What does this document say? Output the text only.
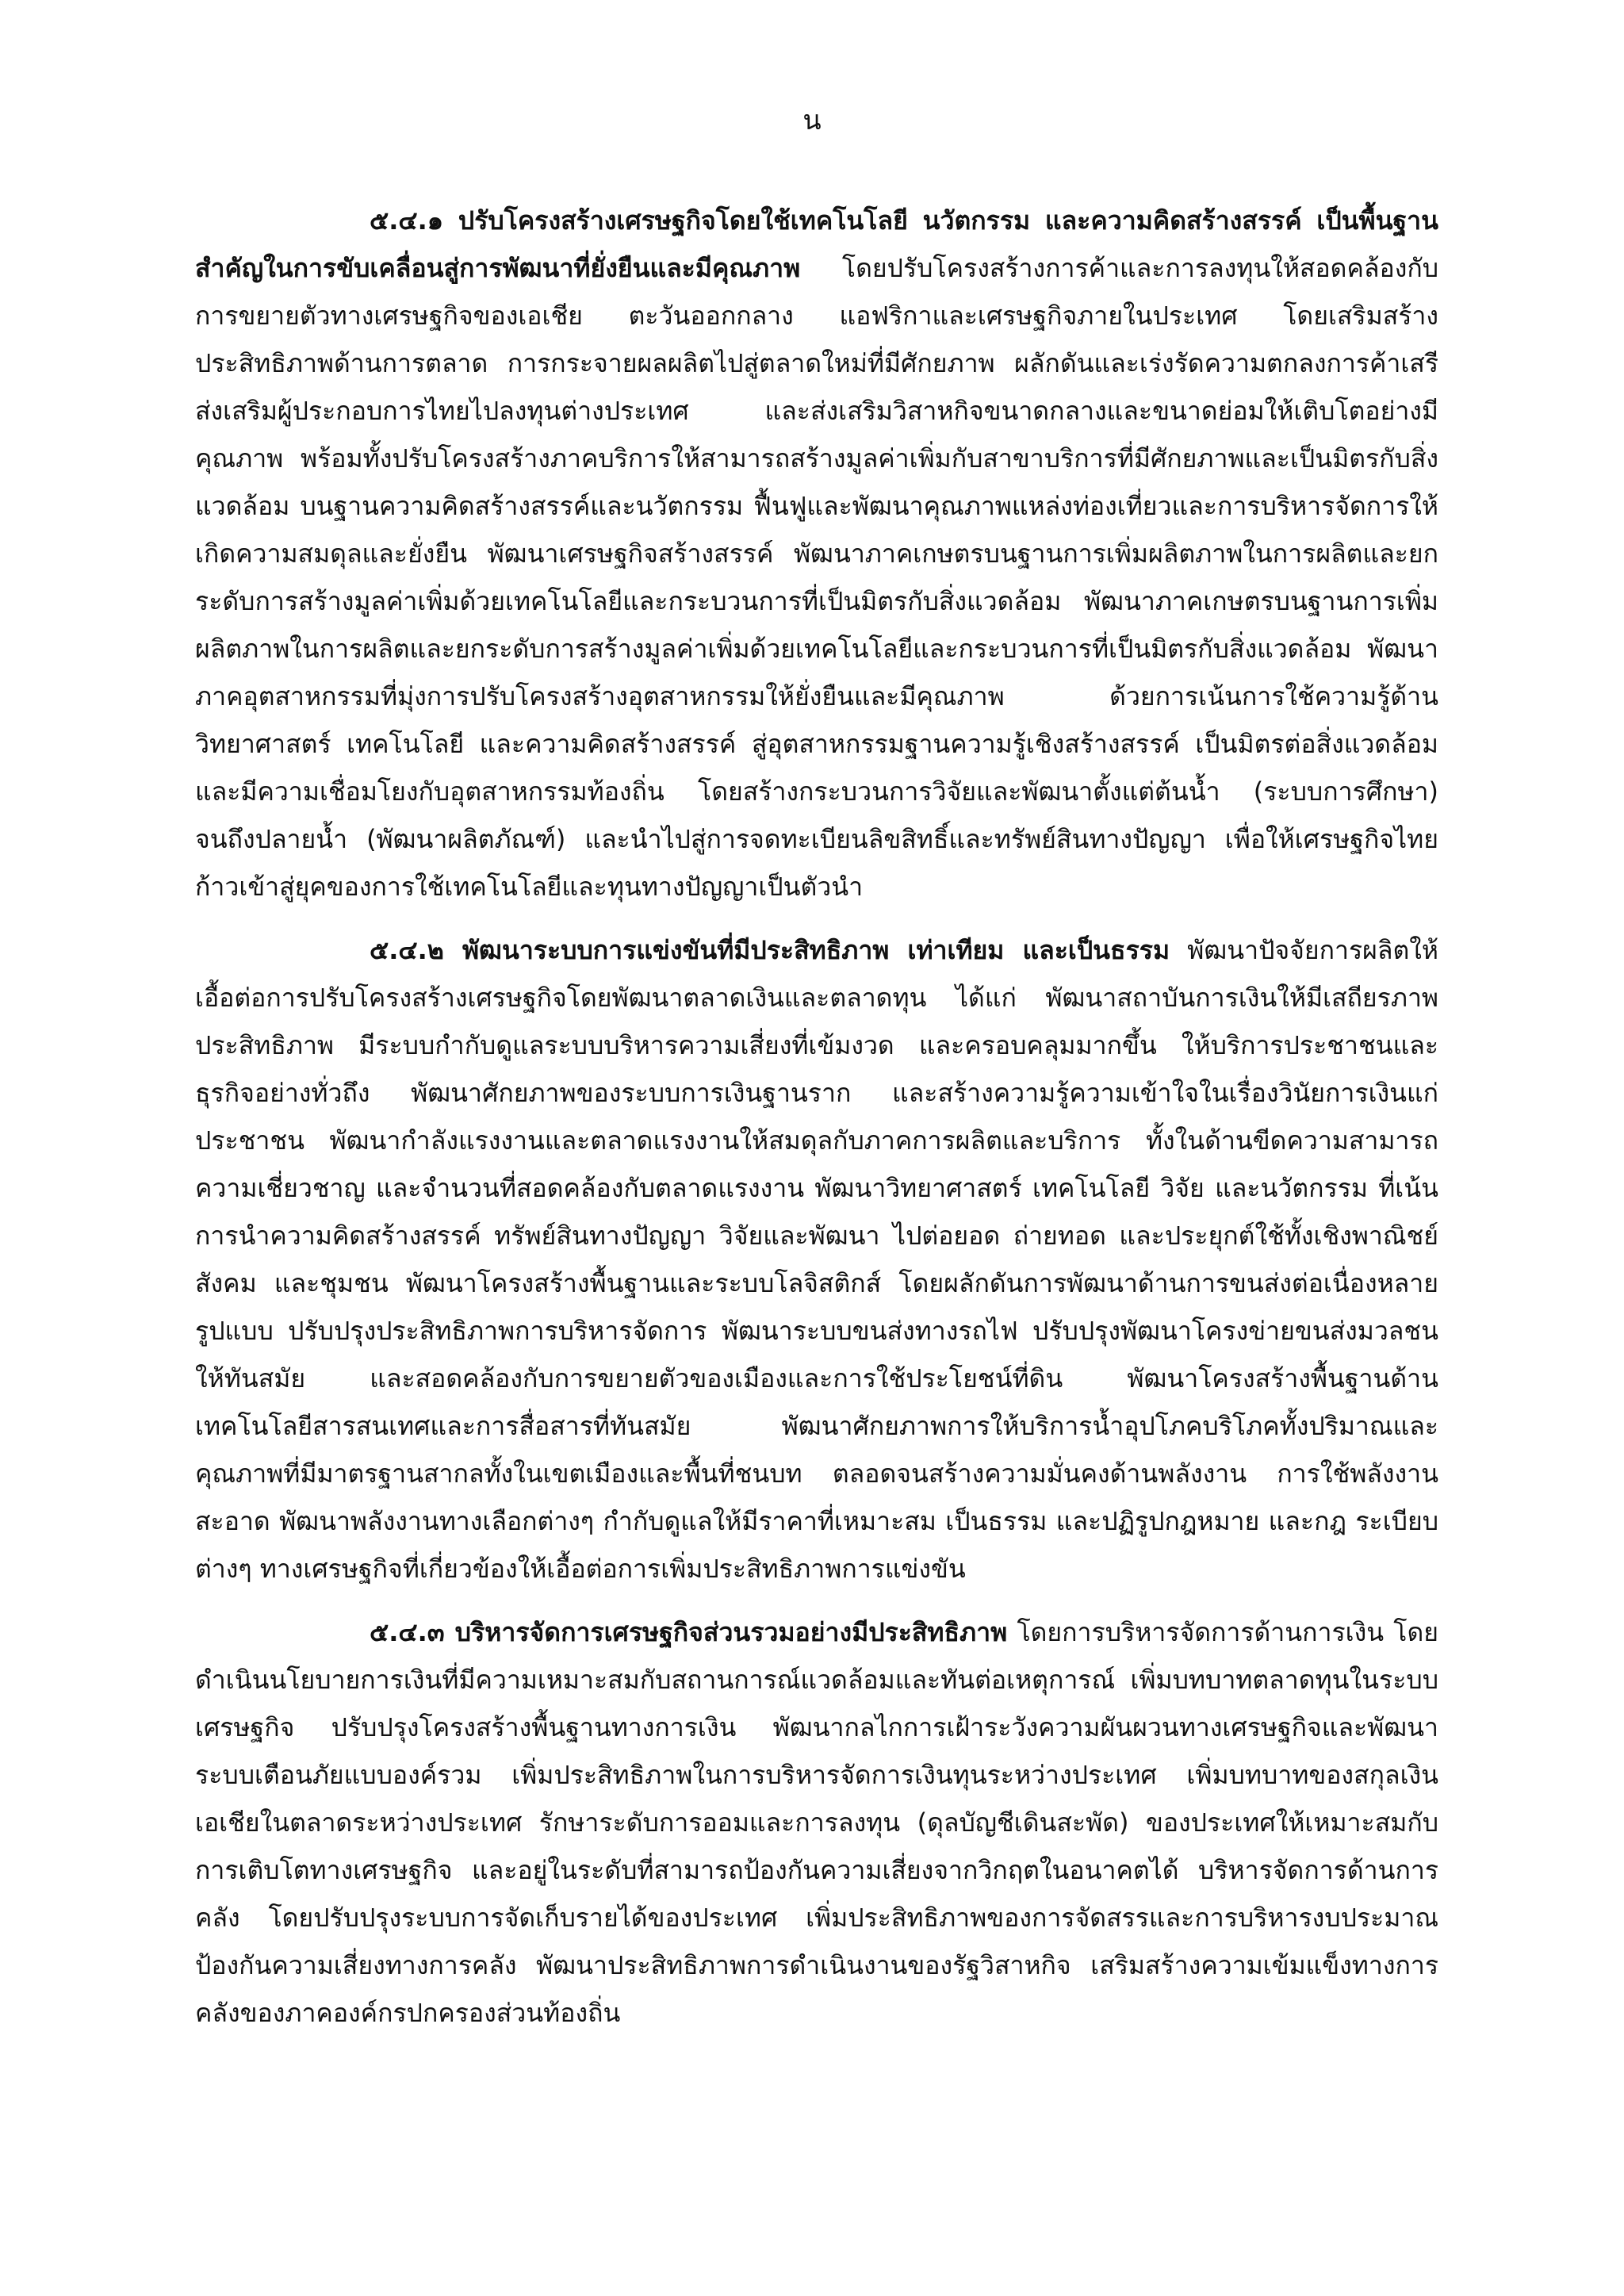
น

๕.๔.๑ ปรับโครงสร้างเศรษฐกิจโดยใช้เทคโนโลยี นวัตกรรม และความคิดสร้างสรรค์ เป็นพื้นฐานสำคัญในการขับเคลื่อนสู่การพัฒนาที่ยั่งยืนและมีคุณภาพ โดยปรับโครงสร้างการค้าและการลงทุนให้สอดคล้องกับการขยายตัวทางเศรษฐกิจของเอเชีย ตะวันออกกลาง แอฟริกาและเศรษฐกิจภายในประเทศ โดยเสริมสร้างประสิทธิภาพด้านการตลาด การกระจายผลผลิตไปสู่ตลาดใหม่ที่มีศักยภาพ ผลักดันและเร่งรัดความตกลงการค้าเสรี ส่งเสริมผู้ประกอบการไทยไปลงทุนต่างประเทศ และส่งเสริมวิสาหกิจขนาดกลางและขนาดย่อมให้เติบโตอย่างมีคุณภาพ พร้อมทั้งปรับโครงสร้างภาคบริการให้สามารถสร้างมูลค่าเพิ่มกับสาขาบริการที่มีศักยภาพและเป็นมิตรกับสิ่งแวดล้อม บนฐานความคิดสร้างสรรค์และนวัตกรรม ฟื้นฟูและพัฒนาคุณภาพแหล่งท่องเที่ยวและการบริหารจัดการให้เกิดความสมดุลและยั่งยืน พัฒนาเศรษฐกิจสร้างสรรค์ พัฒนาภาคเกษตรบนฐานการเพิ่มผลิตภาพในการผลิตและยกระดับการสร้างมูลค่าเพิ่มด้วยเทคโนโลยีและกระบวนการที่เป็นมิตรกับสิ่งแวดล้อม พัฒนาภาคเกษตรบนฐานการเพิ่มผลิตภาพในการผลิตและยกระดับการสร้างมูลค่าเพิ่มด้วยเทคโนโลยีและกระบวนการที่เป็นมิตรกับสิ่งแวดล้อม พัฒนาภาคอุตสาหกรรมที่มุ่งการปรับโครงสร้างอุตสาหกรรมให้ยั่งยืนและมีคุณภาพ ด้วยการเน้นการใช้ความรู้ด้านวิทยาศาสตร์ เทคโนโลยี และความคิดสร้างสรรค์ สู่อุตสาหกรรมฐานความรู้เชิงสร้างสรรค์ เป็นมิตรต่อสิ่งแวดล้อม และมีความเชื่อมโยงกับอุตสาหกรรมท้องถิ่น โดยสร้างกระบวนการวิจัยและพัฒนาตั้งแต่ต้นน้ำ (ระบบการศึกษา) จนถึงปลายน้ำ (พัฒนาผลิตภัณฑ์) และนำไปสู่การจดทะเบียนลิขสิทธิ์และทรัพย์สินทางปัญญา เพื่อให้เศรษฐกิจไทยก้าวเข้าสู่ยุคของการใช้เทคโนโลยีและทุนทางปัญญาเป็นตัวนำ

๕.๔.๒ พัฒนาระบบการแข่งขันที่มีประสิทธิภาพ เท่าเทียม และเป็นธรรม พัฒนาปัจจัยการผลิตให้เอื้อต่อการปรับโครงสร้างเศรษฐกิจโดยพัฒนาตลาดเงินและตลาดทุน ได้แก่ พัฒนาสถาบันการเงินให้มีเสถียรภาพ ประสิทธิภาพ มีระบบกำกับดูแลระบบบริหารความเสี่ยงที่เข้มงวด และครอบคลุมมากขึ้น ให้บริการประชาชนและธุรกิจอย่างทั่วถึง พัฒนาศักยภาพของระบบการเงินฐานราก และสร้างความรู้ความเข้าใจในเรื่องวินัยการเงินแก่ประชาชน พัฒนากำลังแรงงานและตลาดแรงงานให้สมดุลกับภาคการผลิตและบริการ ทั้งในด้านขีดความสามารถ ความเชี่ยวชาญ และจำนวนที่สอดคล้องกับตลาดแรงงาน พัฒนาวิทยาศาสตร์ เทคโนโลยี วิจัย และนวัตกรรม ที่เน้นการนำความคิดสร้างสรรค์ ทรัพย์สินทางปัญญา วิจัยและพัฒนา ไปต่อยอด ถ่ายทอด และประยุกต์ใช้ทั้งเชิงพาณิชย์ สังคม และชุมชน พัฒนาโครงสร้างพื้นฐานและระบบโลจิสติกส์ โดยผลักดันการพัฒนาด้านการขนส่งต่อเนื่องหลายรูปแบบ ปรับปรุงประสิทธิภาพการบริหารจัดการ พัฒนาระบบขนส่งทางรถไฟ ปรับปรุงพัฒนาโครงข่ายขนส่งมวลชนให้ทันสมัย และสอดคล้องกับการขยายตัวของเมืองและการใช้ประโยชน์ที่ดิน พัฒนาโครงสร้างพื้นฐานด้านเทคโนโลยีสารสนเทศและการสื่อสารที่ทันสมัย พัฒนาศักยภาพการให้บริการน้ำอุปโภคบริโภคทั้งปริมาณและคุณภาพที่มีมาตรฐานสากลทั้งในเขตเมืองและพื้นที่ชนบท ตลอดจนสร้างความมั่นคงด้านพลังงาน การใช้พลังงานสะอาด พัฒนาพลังงานทางเลือกต่างๆ กำกับดูแลให้มีราคาที่เหมาะสม เป็นธรรม และปฏิรูปกฎหมาย และกฎ ระเบียบต่างๆ ทางเศรษฐกิจที่เกี่ยวข้องให้เอื้อต่อการเพิ่มประสิทธิภาพการแข่งขัน

๕.๔.๓ บริหารจัดการเศรษฐกิจส่วนรวมอย่างมีประสิทธิภาพ โดยการบริหารจัดการด้านการเงิน โดยดำเนินนโยบายการเงินที่มีความเหมาะสมกับสถานการณ์แวดล้อมและทันต่อเหตุการณ์ เพิ่มบทบาทตลาดทุนในระบบเศรษฐกิจ ปรับปรุงโครงสร้างพื้นฐานทางการเงิน พัฒนากลไกการเฝ้าระวังความผันผวนทางเศรษฐกิจและพัฒนาระบบเตือนภัยแบบองค์รวม เพิ่มประสิทธิภาพในการบริหารจัดการเงินทุนระหว่างประเทศ เพิ่มบทบาทของสกุลเงินเอเชียในตลาดระหว่างประเทศ รักษาระดับการออมและการลงทุน (ดุลบัญชีเดินสะพัด) ของประเทศให้เหมาะสมกับการเติบโตทางเศรษฐกิจ และอยู่ในระดับที่สามารถป้องกันความเสี่ยงจากวิกฤตในอนาคตได้ บริหารจัดการด้านการคลัง โดยปรับปรุงระบบการจัดเก็บรายได้ของประเทศ เพิ่มประสิทธิภาพของการจัดสรรและการบริหารงบประมาณ ป้องกันความเสี่ยงทางการคลัง พัฒนาประสิทธิภาพการดำเนินงานของรัฐวิสาหกิจ เสริมสร้างความเข้มแข็งทางการคลังของภาคองค์กรปกครองส่วนท้องถิ่น
